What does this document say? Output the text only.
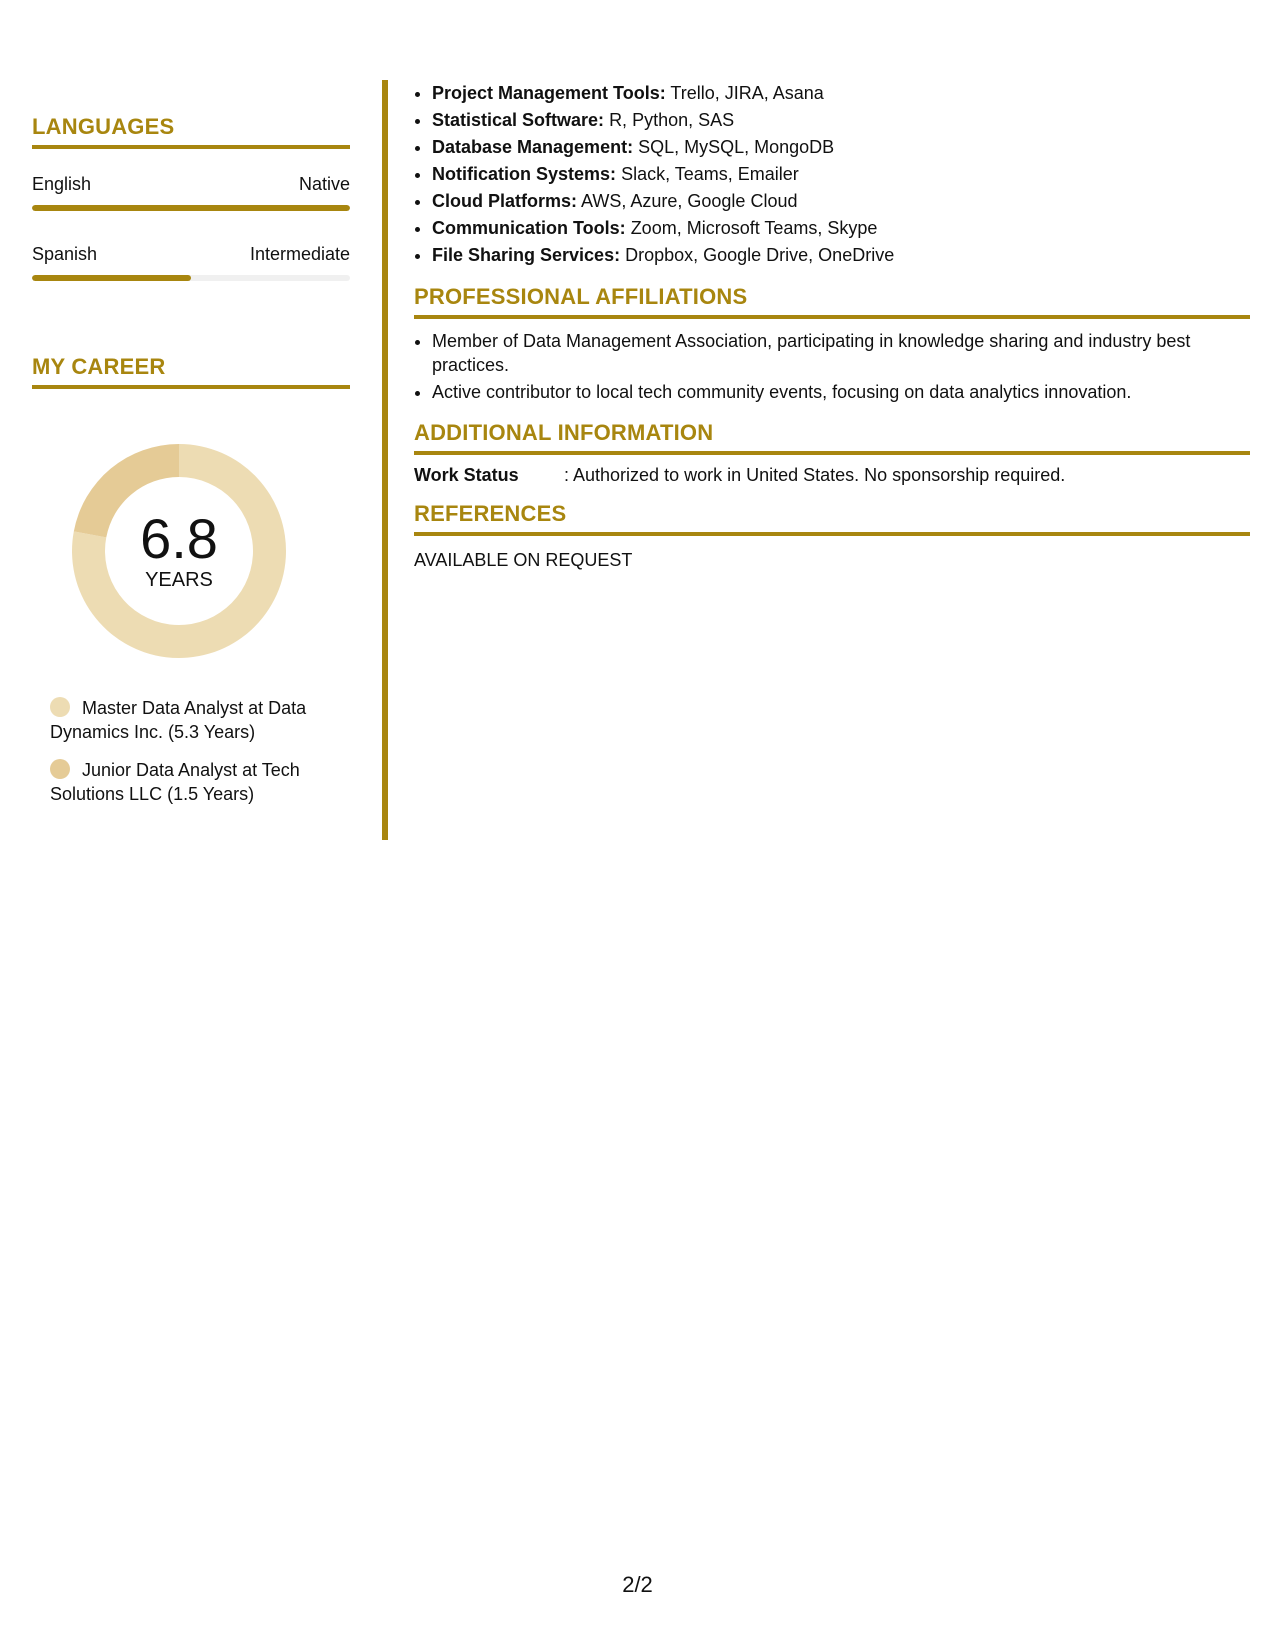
LANGUAGES
English	Native
Spanish	Intermediate
MY CAREER
6.8
YEARS
Master Data Analyst at Data Dynamics Inc. (5.3 Years)
Junior Data Analyst at Tech Solutions LLC (1.5 Years)
• Project Management Tools: Trello, JIRA, Asana
• Statistical Software: R, Python, SAS
• Database Management: SQL, MySQL, MongoDB
• Notification Systems: Slack, Teams, Emailer
• Cloud Platforms: AWS, Azure, Google Cloud
• Communication Tools: Zoom, Microsoft Teams, Skype
• File Sharing Services: Dropbox, Google Drive, OneDrive
PROFESSIONAL AFFILIATIONS
• Member of Data Management Association, participating in knowledge sharing and industry best practices.
• Active contributor to local tech community events, focusing on data analytics innovation.
ADDITIONAL INFORMATION
Work Status	: Authorized to work in United States. No sponsorship required.
REFERENCES
AVAILABLE ON REQUEST
2/2
